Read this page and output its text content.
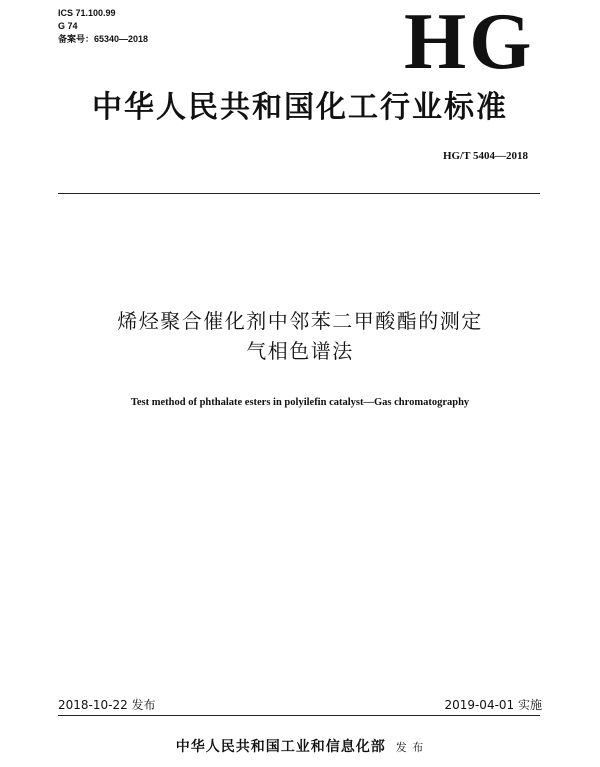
ICS 71.100.99
G 74
备案号：65340—2018	HG
中华人民共和国化工行业标准
HG/T 5404—2018
烯烃聚合催化剂中邻苯二甲酸酯的测定
气相色谱法
Test method of phthalate esters in polyilefin catalyst—Gas chromatography
2018-10-22 发布	2019-04-01 实施
中华人民共和国工业和信息化部 发 布
